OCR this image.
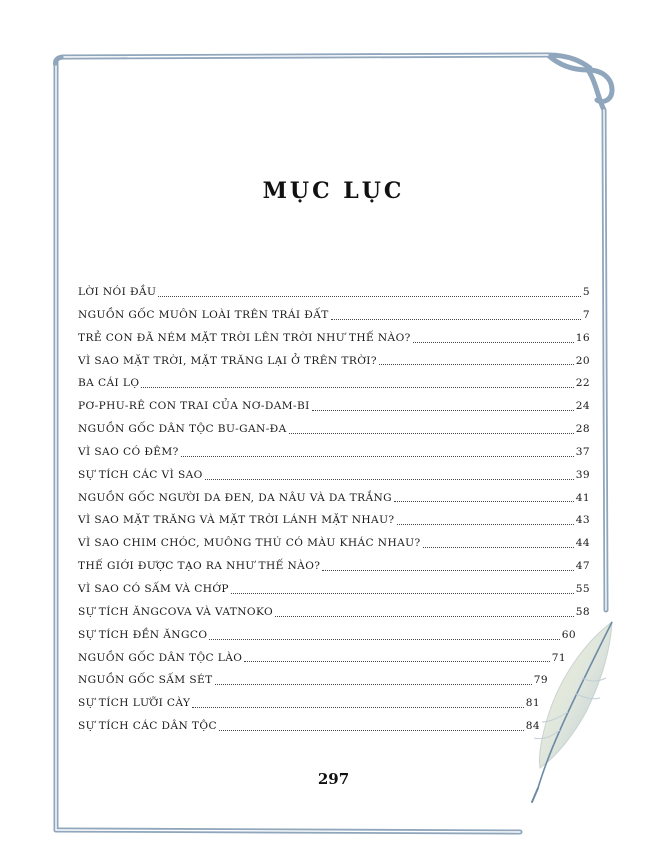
MỤC LỤC
LỜI NÓI ĐẦU	5
NGUỒN GỐC MUÔN LOÀI TRÊN TRÁI ĐẤT	7
TRẺ CON ĐÃ NÉM MẶT TRỜI LÊN TRỜI NHƯ THẾ NÀO?	16
VÌ SAO MẶT TRỜI, MẶT TRĂNG LẠI Ở TRÊN TRỜI?	20
BA CÁI LỌ	22
PƠ-PHU-RÊ CON TRAI CỦA NƠ-DAM-BI	24
NGUỒN GỐC DÂN TỘC BU-GAN-ĐA	28
VÌ SAO CÓ ĐÊM?	37
SỰ TÍCH CÁC VÌ SAO	39
NGUỒN GỐC NGƯỜI DA ĐEN, DA NÂU VÀ DA TRẮNG	41
VÌ SAO MẶT TRĂNG VÀ MẶT TRỜI LÁNH MẶT NHAU?	43
VÌ SAO CHIM CHÓC, MUÔNG THÚ CÓ MÀU KHÁC NHAU?	44
THẾ GIỚI ĐƯỢC TẠO RA NHƯ THẾ NÀO?	47
VÌ SAO CÓ SẤM VÀ CHỚP	55
SỰ TÍCH ĂNGCOVA VÀ VATNOKO	58
SỰ TÍCH ĐỀN ĂNGCO	60
NGUỒN GỐC DÂN TỘC LÀO	71
NGUỒN GỐC SẤM SÉT	79
SỰ TÍCH LƯỠI CÀY	81
SỰ TÍCH CÁC DÂN TỘC	84
297
